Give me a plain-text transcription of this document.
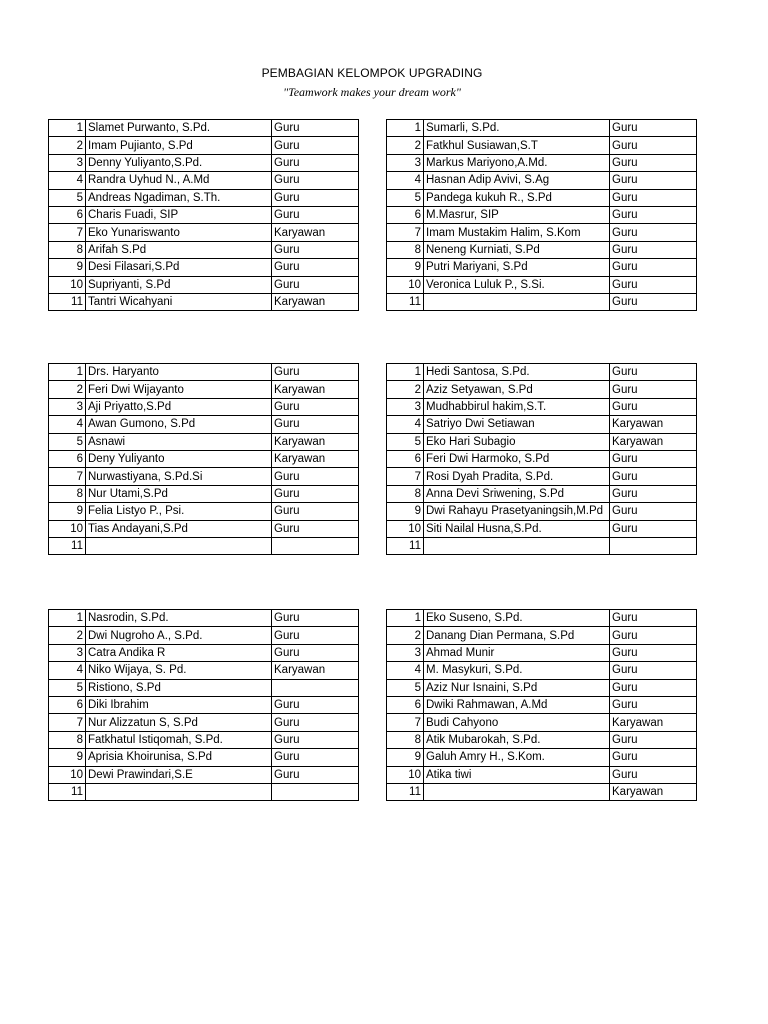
PEMBAGIAN KELOMPOK UPGRADING
"Teamwork makes your dream work"
1	Slamet Purwanto, S.Pd.	Guru
2	Imam Pujianto, S.Pd	Guru
3	Denny Yuliyanto,S.Pd.	Guru
4	Randra Uyhud N., A.Md	Guru
5	Andreas Ngadiman, S.Th.	Guru
6	Charis Fuadi, SIP	Guru
7	Eko Yunariswanto	Karyawan
8	Arifah S.Pd	Guru
9	Desi Filasari,S.Pd	Guru
10	Supriyanti, S.Pd	Guru
11	Tantri Wicahyani	Karyawan
1	Sumarli, S.Pd.	Guru
2	Fatkhul Susiawan,S.T	Guru
3	Markus Mariyono,A.Md.	Guru
4	Hasnan Adip Avivi, S.Ag	Guru
5	Pandega kukuh R., S.Pd	Guru
6	M.Masrur, SIP	Guru
7	Imam Mustakim Halim, S.Kom	Guru
8	Neneng Kurniati, S.Pd	Guru
9	Putri Mariyani, S.Pd	Guru
10	Veronica Luluk P., S.Si.	Guru
11		Guru
1	Drs. Haryanto	Guru
2	Feri Dwi Wijayanto	Karyawan
3	Aji Priyatto,S.Pd	Guru
4	Awan Gumono, S.Pd	Guru
5	Asnawi	Karyawan
6	Deny Yuliyanto	Karyawan
7	Nurwastiyana, S.Pd.Si	Guru
8	Nur Utami,S.Pd	Guru
9	Felia Listyo P., Psi.	Guru
10	Tias Andayani,S.Pd	Guru
11		
1	Hedi Santosa, S.Pd.	Guru
2	Aziz Setyawan, S.Pd	Guru
3	Mudhabbirul hakim,S.T.	Guru
4	Satriyo Dwi Setiawan	Karyawan
5	Eko Hari Subagio	Karyawan
6	Feri Dwi Harmoko, S.Pd	Guru
7	Rosi Dyah Pradita, S.Pd.	Guru
8	Anna Devi Sriwening, S.Pd	Guru
9	Dwi Rahayu Prasetyaningsih,M.Pd	Guru
10	Siti Nailal Husna,S.Pd.	Guru
11		
1	Nasrodin, S.Pd.	Guru
2	Dwi Nugroho A., S.Pd.	Guru
3	Catra Andika R	Guru
4	Niko Wijaya, S. Pd.	Karyawan
5	Ristiono, S.Pd	
6	Diki Ibrahim	Guru
7	Nur Alizzatun S, S.Pd	Guru
8	Fatkhatul Istiqomah, S.Pd.	Guru
9	Aprisia Khoirunisa, S.Pd	Guru
10	Dewi Prawindari,S.E	Guru
11		
1	Eko Suseno, S.Pd.	Guru
2	Danang Dian Permana, S.Pd	Guru
3	Ahmad Munir	Guru
4	M. Masykuri, S.Pd.	Guru
5	Aziz Nur Isnaini, S.Pd	Guru
6	Dwiki Rahmawan, A.Md	Guru
7	Budi Cahyono	Karyawan
8	Atik Mubarokah, S.Pd.	Guru
9	Galuh Amry H., S.Kom.	Guru
10	Atika tiwi	Guru
11		Karyawan
